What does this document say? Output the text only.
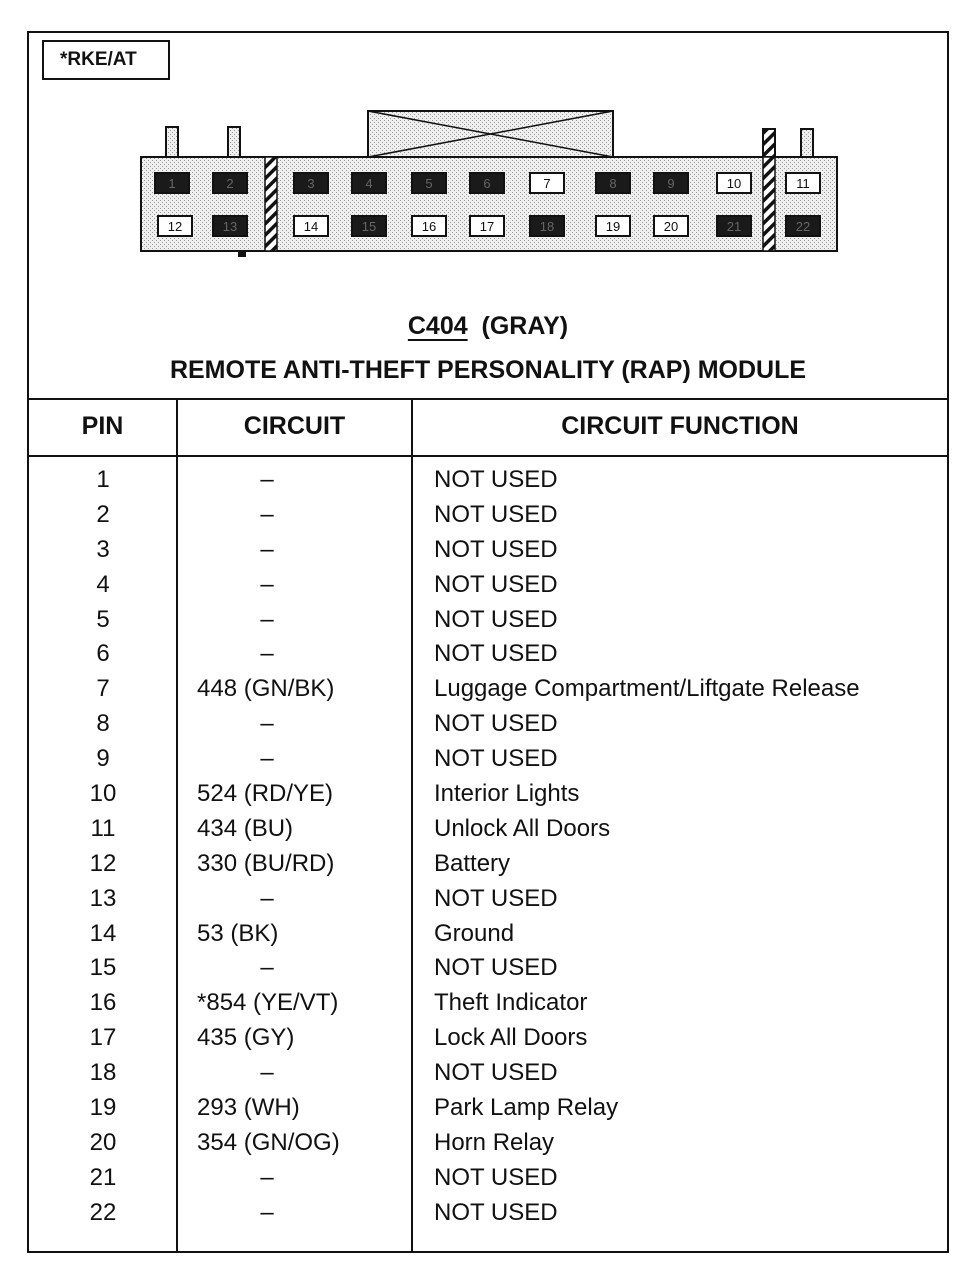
*RKE/AT
1	2	3	4	5	6	7	8	9	10	11
12	13	14	15	16	17	18	19	20	21	22
C404 (GRAY)
REMOTE ANTI-THEFT PERSONALITY (RAP) MODULE
PIN	CIRCUIT	CIRCUIT FUNCTION
1	–	NOT USED
2	–	NOT USED
3	–	NOT USED
4	–	NOT USED
5	–	NOT USED
6	–	NOT USED
7	448 (GN/BK)	Luggage Compartment/Liftgate Release
8	–	NOT USED
9	–	NOT USED
10	524 (RD/YE)	Interior Lights
11	434 (BU)	Unlock All Doors
12	330 (BU/RD)	Battery
13	–	NOT USED
14	53 (BK)	Ground
15	–	NOT USED
16	*854 (YE/VT)	Theft Indicator
17	435 (GY)	Lock All Doors
18	–	NOT USED
19	293 (WH)	Park Lamp Relay
20	354 (GN/OG)	Horn Relay
21	–	NOT USED
22	–	NOT USED
